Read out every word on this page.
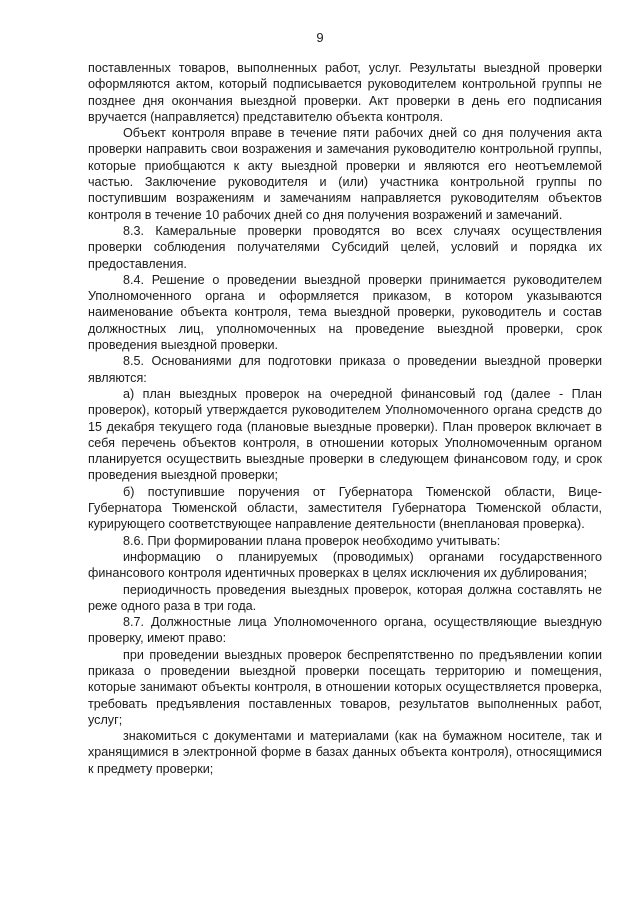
9

поставленных товаров, выполненных работ, услуг. Результаты выездной проверки оформляются актом, который подписывается руководителем контрольной группы не позднее дня окончания выездной проверки. Акт проверки в день его подписания вручается (направляется) представителю объекта контроля.

Объект контроля вправе в течение пяти рабочих дней со дня получения акта проверки направить свои возражения и замечания руководителю контрольной группы, которые приобщаются к акту выездной проверки и являются его неотъемлемой частью. Заключение руководителя и (или) участника контрольной группы по поступившим возражениям и замечаниям направляется руководителям объектов контроля в течение 10 рабочих дней со дня получения возражений и замечаний.

8.3. Камеральные проверки проводятся во всех случаях осуществления проверки соблюдения получателями Субсидий целей, условий и порядка их предоставления.

8.4. Решение о проведении выездной проверки принимается руководителем Уполномоченного органа и оформляется приказом, в котором указываются наименование объекта контроля, тема выездной проверки, руководитель и состав должностных лиц, уполномоченных на проведение выездной проверки, срок проведения выездной проверки.

8.5. Основаниями для подготовки приказа о проведении выездной проверки являются:

а) план выездных проверок на очередной финансовый год (далее - План проверок), который утверждается руководителем Уполномоченного органа средств до 15 декабря текущего года (плановые выездные проверки). План проверок включает в себя перечень объектов контроля, в отношении которых Уполномоченным органом планируется осуществить выездные проверки в следующем финансовом году, и срок проведения выездной проверки;

б) поступившие поручения от Губернатора Тюменской области, Вице-Губернатора Тюменской области, заместителя Губернатора Тюменской области, курирующего соответствующее направление деятельности (внеплановая проверка).

8.6. При формировании плана проверок необходимо учитывать:

информацию о планируемых (проводимых) органами государственного финансового контроля идентичных проверках в целях исключения их дублирования;

периодичность проведения выездных проверок, которая должна составлять не реже одного раза в три года.

8.7. Должностные лица Уполномоченного органа, осуществляющие выездную проверку, имеют право:

при проведении выездных проверок беспрепятственно по предъявлении копии приказа о проведении выездной проверки посещать территорию и помещения, которые занимают объекты контроля, в отношении которых осуществляется проверка, требовать предъявления поставленных товаров, результатов выполненных работ, услуг;

знакомиться с документами и материалами (как на бумажном носителе, так и хранящимися в электронной форме в базах данных объекта контроля), относящимися к предмету проверки;
